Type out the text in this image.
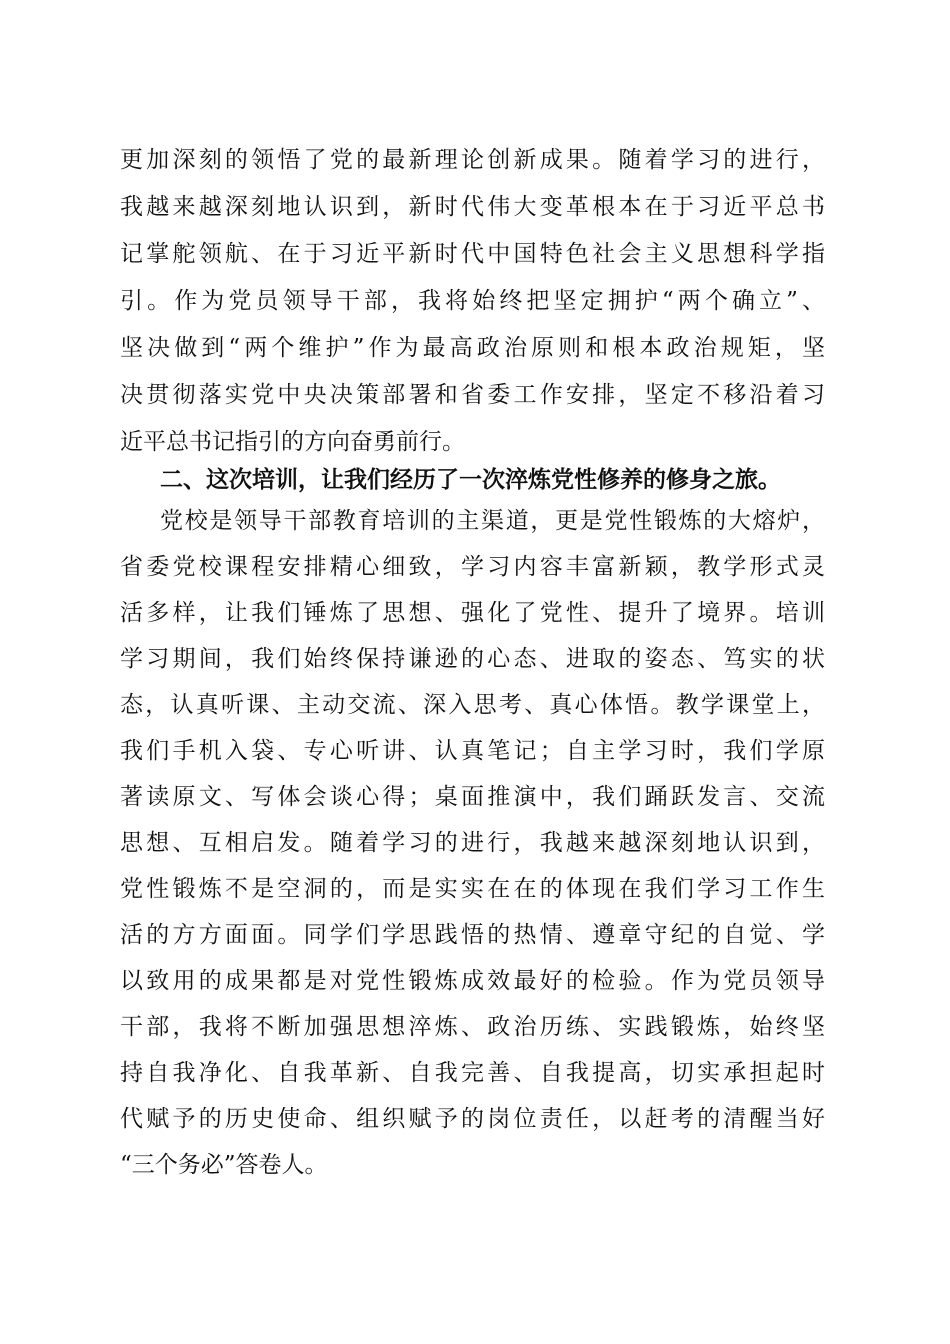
更加深刻的领悟了党的最新理论创新成果。随着学习的进行，
我越来越深刻地认识到，新时代伟大变革根本在于习近平总书
记掌舵领航、在于习近平新时代中国特色社会主义思想科学指
引。作为党员领导干部，我将始终把坚定拥护“两个确立”、
坚决做到“两个维护”作为最高政治原则和根本政治规矩，坚
决贯彻落实党中央决策部署和省委工作安排，坚定不移沿着习
近平总书记指引的方向奋勇前行。
二、这次培训，让我们经历了一次淬炼党性修养的修身之旅。
党校是领导干部教育培训的主渠道，更是党性锻炼的大熔炉，
省委党校课程安排精心细致，学习内容丰富新颖，教学形式灵
活多样，让我们锤炼了思想、强化了党性、提升了境界。培训
学习期间，我们始终保持谦逊的心态、进取的姿态、笃实的状
态，认真听课、主动交流、深入思考、真心体悟。教学课堂上，
我们手机入袋、专心听讲、认真笔记；自主学习时，我们学原
著读原文、写体会谈心得；桌面推演中，我们踊跃发言、交流
思想、互相启发。随着学习的进行，我越来越深刻地认识到，
党性锻炼不是空洞的，而是实实在在的体现在我们学习工作生
活的方方面面。同学们学思践悟的热情、遵章守纪的自觉、学
以致用的成果都是对党性锻炼成效最好的检验。作为党员领导
干部，我将不断加强思想淬炼、政治历练、实践锻炼，始终坚
持自我净化、自我革新、自我完善、自我提高，切实承担起时
代赋予的历史使命、组织赋予的岗位责任，以赶考的清醒当好
“三个务必”答卷人。
